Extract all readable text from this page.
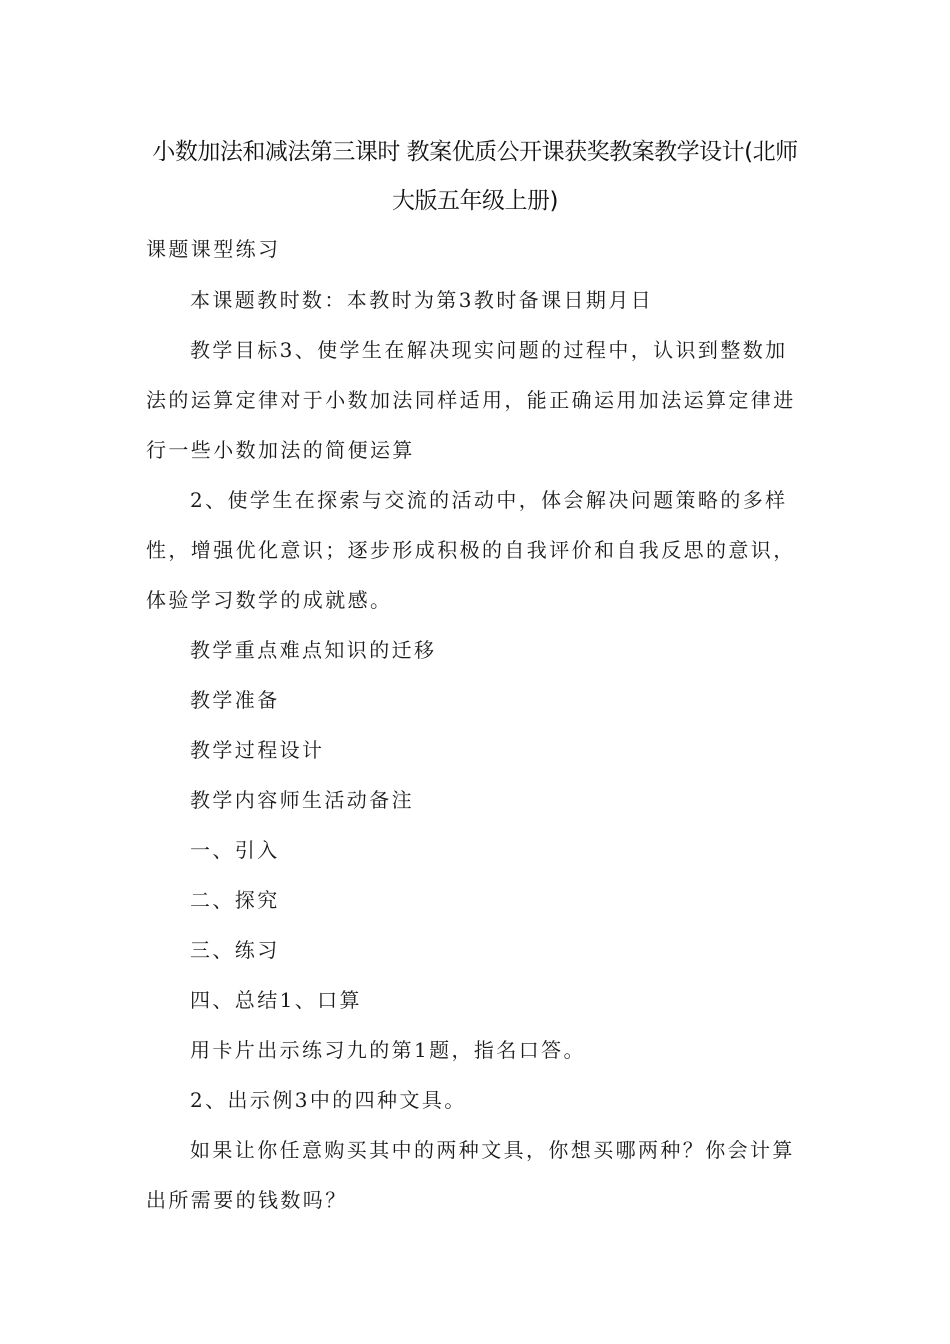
小数加法和减法第三课时 教案优质公开课获奖教案教学设计(北师
大版五年级上册)
课题课型练习
本课题教时数：本教时为第3教时备课日期月日
教学目标3、使学生在解决现实问题的过程中，认识到整数加
法的运算定律对于小数加法同样适用，能正确运用加法运算定律进
行一些小数加法的简便运算
2、使学生在探索与交流的活动中，体会解决问题策略的多样
性，增强优化意识；逐步形成积极的自我评价和自我反思的意识，
体验学习数学的成就感。
教学重点难点知识的迁移
教学准备
教学过程设计
教学内容师生活动备注
一、引入
二、探究
三、练习
四、总结1、口算
用卡片出示练习九的第1题，指名口答。
2、出示例3中的四种文具。
如果让你任意购买其中的两种文具，你想买哪两种？你会计算
出所需要的钱数吗？
